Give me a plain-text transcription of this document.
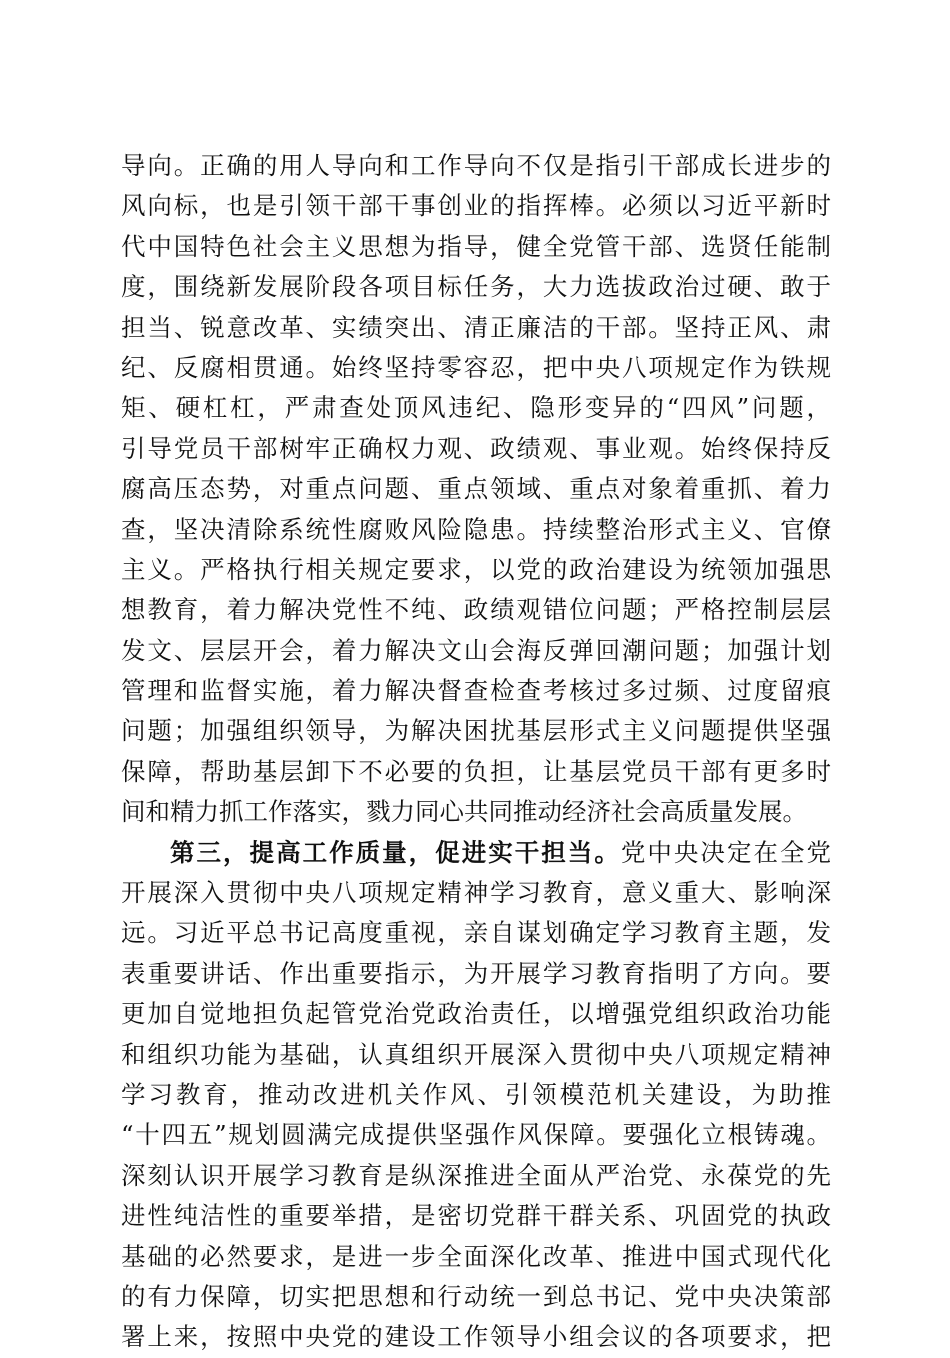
导向。正确的用人导向和工作导向不仅是指引干部成长进步的
风向标，也是引领干部干事创业的指挥棒。必须以习近平新时
代中国特色社会主义思想为指导，健全党管干部、选贤任能制
度，围绕新发展阶段各项目标任务，大力选拔政治过硬、敢于
担当、锐意改革、实绩突出、清正廉洁的干部。坚持正风、肃
纪、反腐相贯通。始终坚持零容忍，把中央八项规定作为铁规
矩、硬杠杠，严肃查处顶风违纪、隐形变异的“四风”问题，
引导党员干部树牢正确权力观、政绩观、事业观。始终保持反
腐高压态势，对重点问题、重点领域、重点对象着重抓、着力
查，坚决清除系统性腐败风险隐患。持续整治形式主义、官僚
主义。严格执行相关规定要求，以党的政治建设为统领加强思
想教育，着力解决党性不纯、政绩观错位问题；严格控制层层
发文、层层开会，着力解决文山会海反弹回潮问题；加强计划
管理和监督实施，着力解决督查检查考核过多过频、过度留痕
问题；加强组织领导，为解决困扰基层形式主义问题提供坚强
保障，帮助基层卸下不必要的负担，让基层党员干部有更多时
间和精力抓工作落实，戮力同心共同推动经济社会高质量发展。
第三，提高工作质量，促进实干担当。党中央决定在全党
开展深入贯彻中央八项规定精神学习教育，意义重大、影响深
远。习近平总书记高度重视，亲自谋划确定学习教育主题，发
表重要讲话、作出重要指示，为开展学习教育指明了方向。要
更加自觉地担负起管党治党政治责任，以增强党组织政治功能
和组织功能为基础，认真组织开展深入贯彻中央八项规定精神
学习教育，推动改进机关作风、引领模范机关建设，为助推
“十四五”规划圆满完成提供坚强作风保障。要强化立根铸魂。
深刻认识开展学习教育是纵深推进全面从严治党、永葆党的先
进性纯洁性的重要举措，是密切党群干群关系、巩固党的执政
基础的必然要求，是进一步全面深化改革、推进中国式现代化
的有力保障，切实把思想和行动统一到总书记、党中央决策部
署上来，按照中央党的建设工作领导小组会议的各项要求，把
